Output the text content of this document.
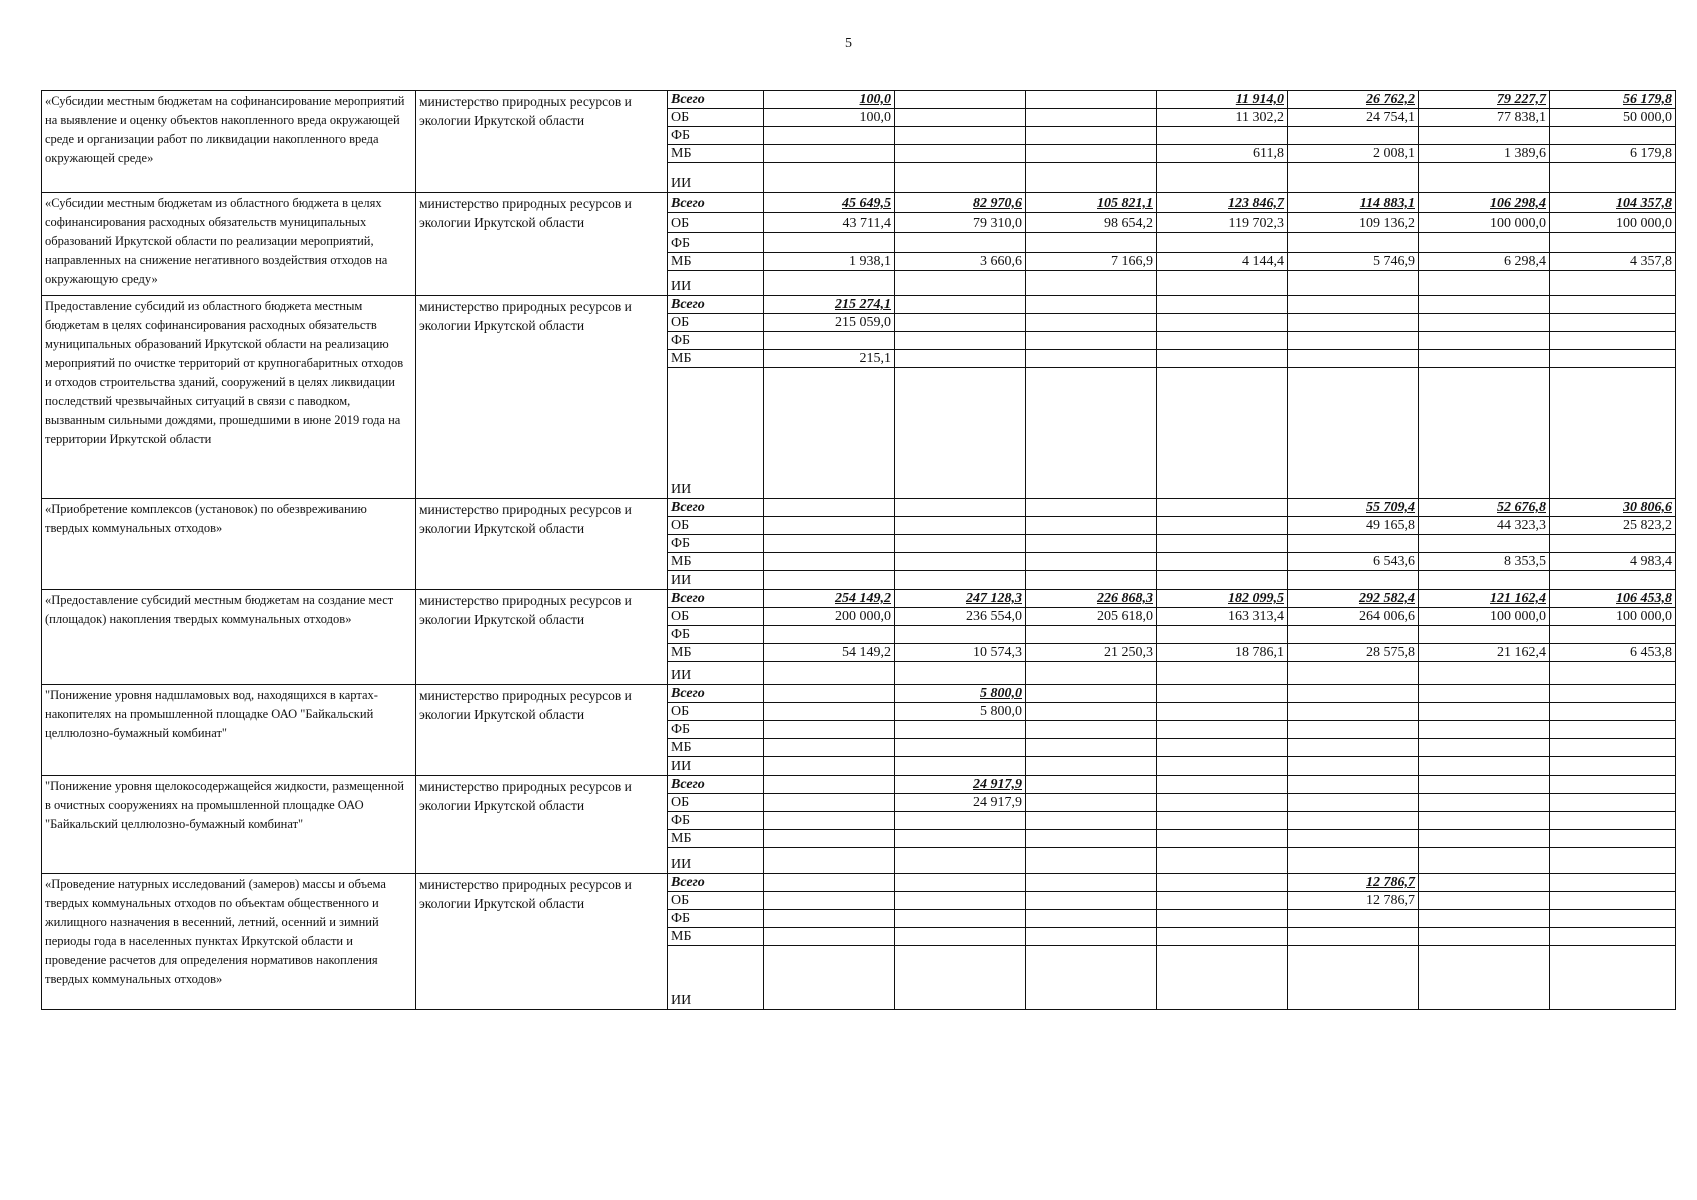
5
«Субсидии местным бюджетам на софинансирование мероприятий на выявление и оценку объектов накопленного вреда окружающей среде и организации работ по ликвидации накопленного вреда окружающей среде»	министерство природных ресурсов и экологии Иркутской области	Всего	100,0			11 914,0	26 762,2	79 227,7	56 179,8
		ОБ	100,0			11 302,2	24 754,1	77 838,1	50 000,0
		ФБ							
		МБ				611,8	2 008,1	1 389,6	6 179,8
		ИИ							
«Субсидии местным бюджетам из областного бюджета в целях софинансирования расходных обязательств муниципальных образований Иркутской области по реализации мероприятий, направленных на снижение негативного воздействия отходов на окружающую среду»	министерство природных ресурсов и экологии Иркутской области	Всего	45 649,5	82 970,6	105 821,1	123 846,7	114 883,1	106 298,4	104 357,8
		ОБ	43 711,4	79 310,0	98 654,2	119 702,3	109 136,2	100 000,0	100 000,0
		ФБ							
		МБ	1 938,1	3 660,6	7 166,9	4 144,4	5 746,9	6 298,4	4 357,8
		ИИ							
Предоставление субсидий из областного бюджета местным бюджетам в целях софинансирования расходных обязательств муниципальных образований Иркутской области на реализацию мероприятий по очистке территорий от крупногабаритных отходов и отходов строительства зданий, сооружений в целях ликвидации последствий чрезвычайных ситуаций в связи с паводком, вызванным сильными дождями, прошедшими в июне 2019 года на территории Иркутской области	министерство природных ресурсов и экологии Иркутской области	Всего	215 274,1						
		ОБ	215 059,0						
		ФБ							
		МБ	215,1						
		ИИ							
«Приобретение комплексов (установок) по обезвреживанию твердых коммунальных отходов»	министерство природных ресурсов и экологии Иркутской области	Всего					55 709,4	52 676,8	30 806,6
		ОБ					49 165,8	44 323,3	25 823,2
		ФБ							
		МБ					6 543,6	8 353,5	4 983,4
		ИИ							
«Предоставление субсидий местным бюджетам на создание мест (площадок) накопления твердых коммунальных отходов»	министерство природных ресурсов и экологии Иркутской области	Всего	254 149,2	247 128,3	226 868,3	182 099,5	292 582,4	121 162,4	106 453,8
		ОБ	200 000,0	236 554,0	205 618,0	163 313,4	264 006,6	100 000,0	100 000,0
		ФБ							
		МБ	54 149,2	10 574,3	21 250,3	18 786,1	28 575,8	21 162,4	6 453,8
		ИИ							
"Понижение уровня надшламовых вод, находящихся в картах-накопителях на промышленной площадке ОАО "Байкальский целлюлозно-бумажный комбинат"	министерство природных ресурсов и экологии Иркутской области	Всего		5 800,0					
		ОБ		5 800,0					
		ФБ							
		МБ							
		ИИ							
"Понижение уровня щелокосодержащейся жидкости, размещенной в очистных сооружениях на промышленной площадке ОАО "Байкальский целлюлозно-бумажный комбинат"	министерство природных ресурсов и экологии Иркутской области	Всего		24 917,9					
		ОБ		24 917,9					
		ФБ							
		МБ							
		ИИ							
«Проведение натурных исследований (замеров) массы и объема твердых коммунальных отходов по объектам общественного и жилищного назначения в весенний, летний, осенний и зимний периоды года в населенных пунктах Иркутской области и проведение расчетов для определения нормативов накопления твердых коммунальных отходов»	министерство природных ресурсов и экологии Иркутской области	Всего					12 786,7		
		ОБ					12 786,7		
		ФБ							
		МБ							
		ИИ							
